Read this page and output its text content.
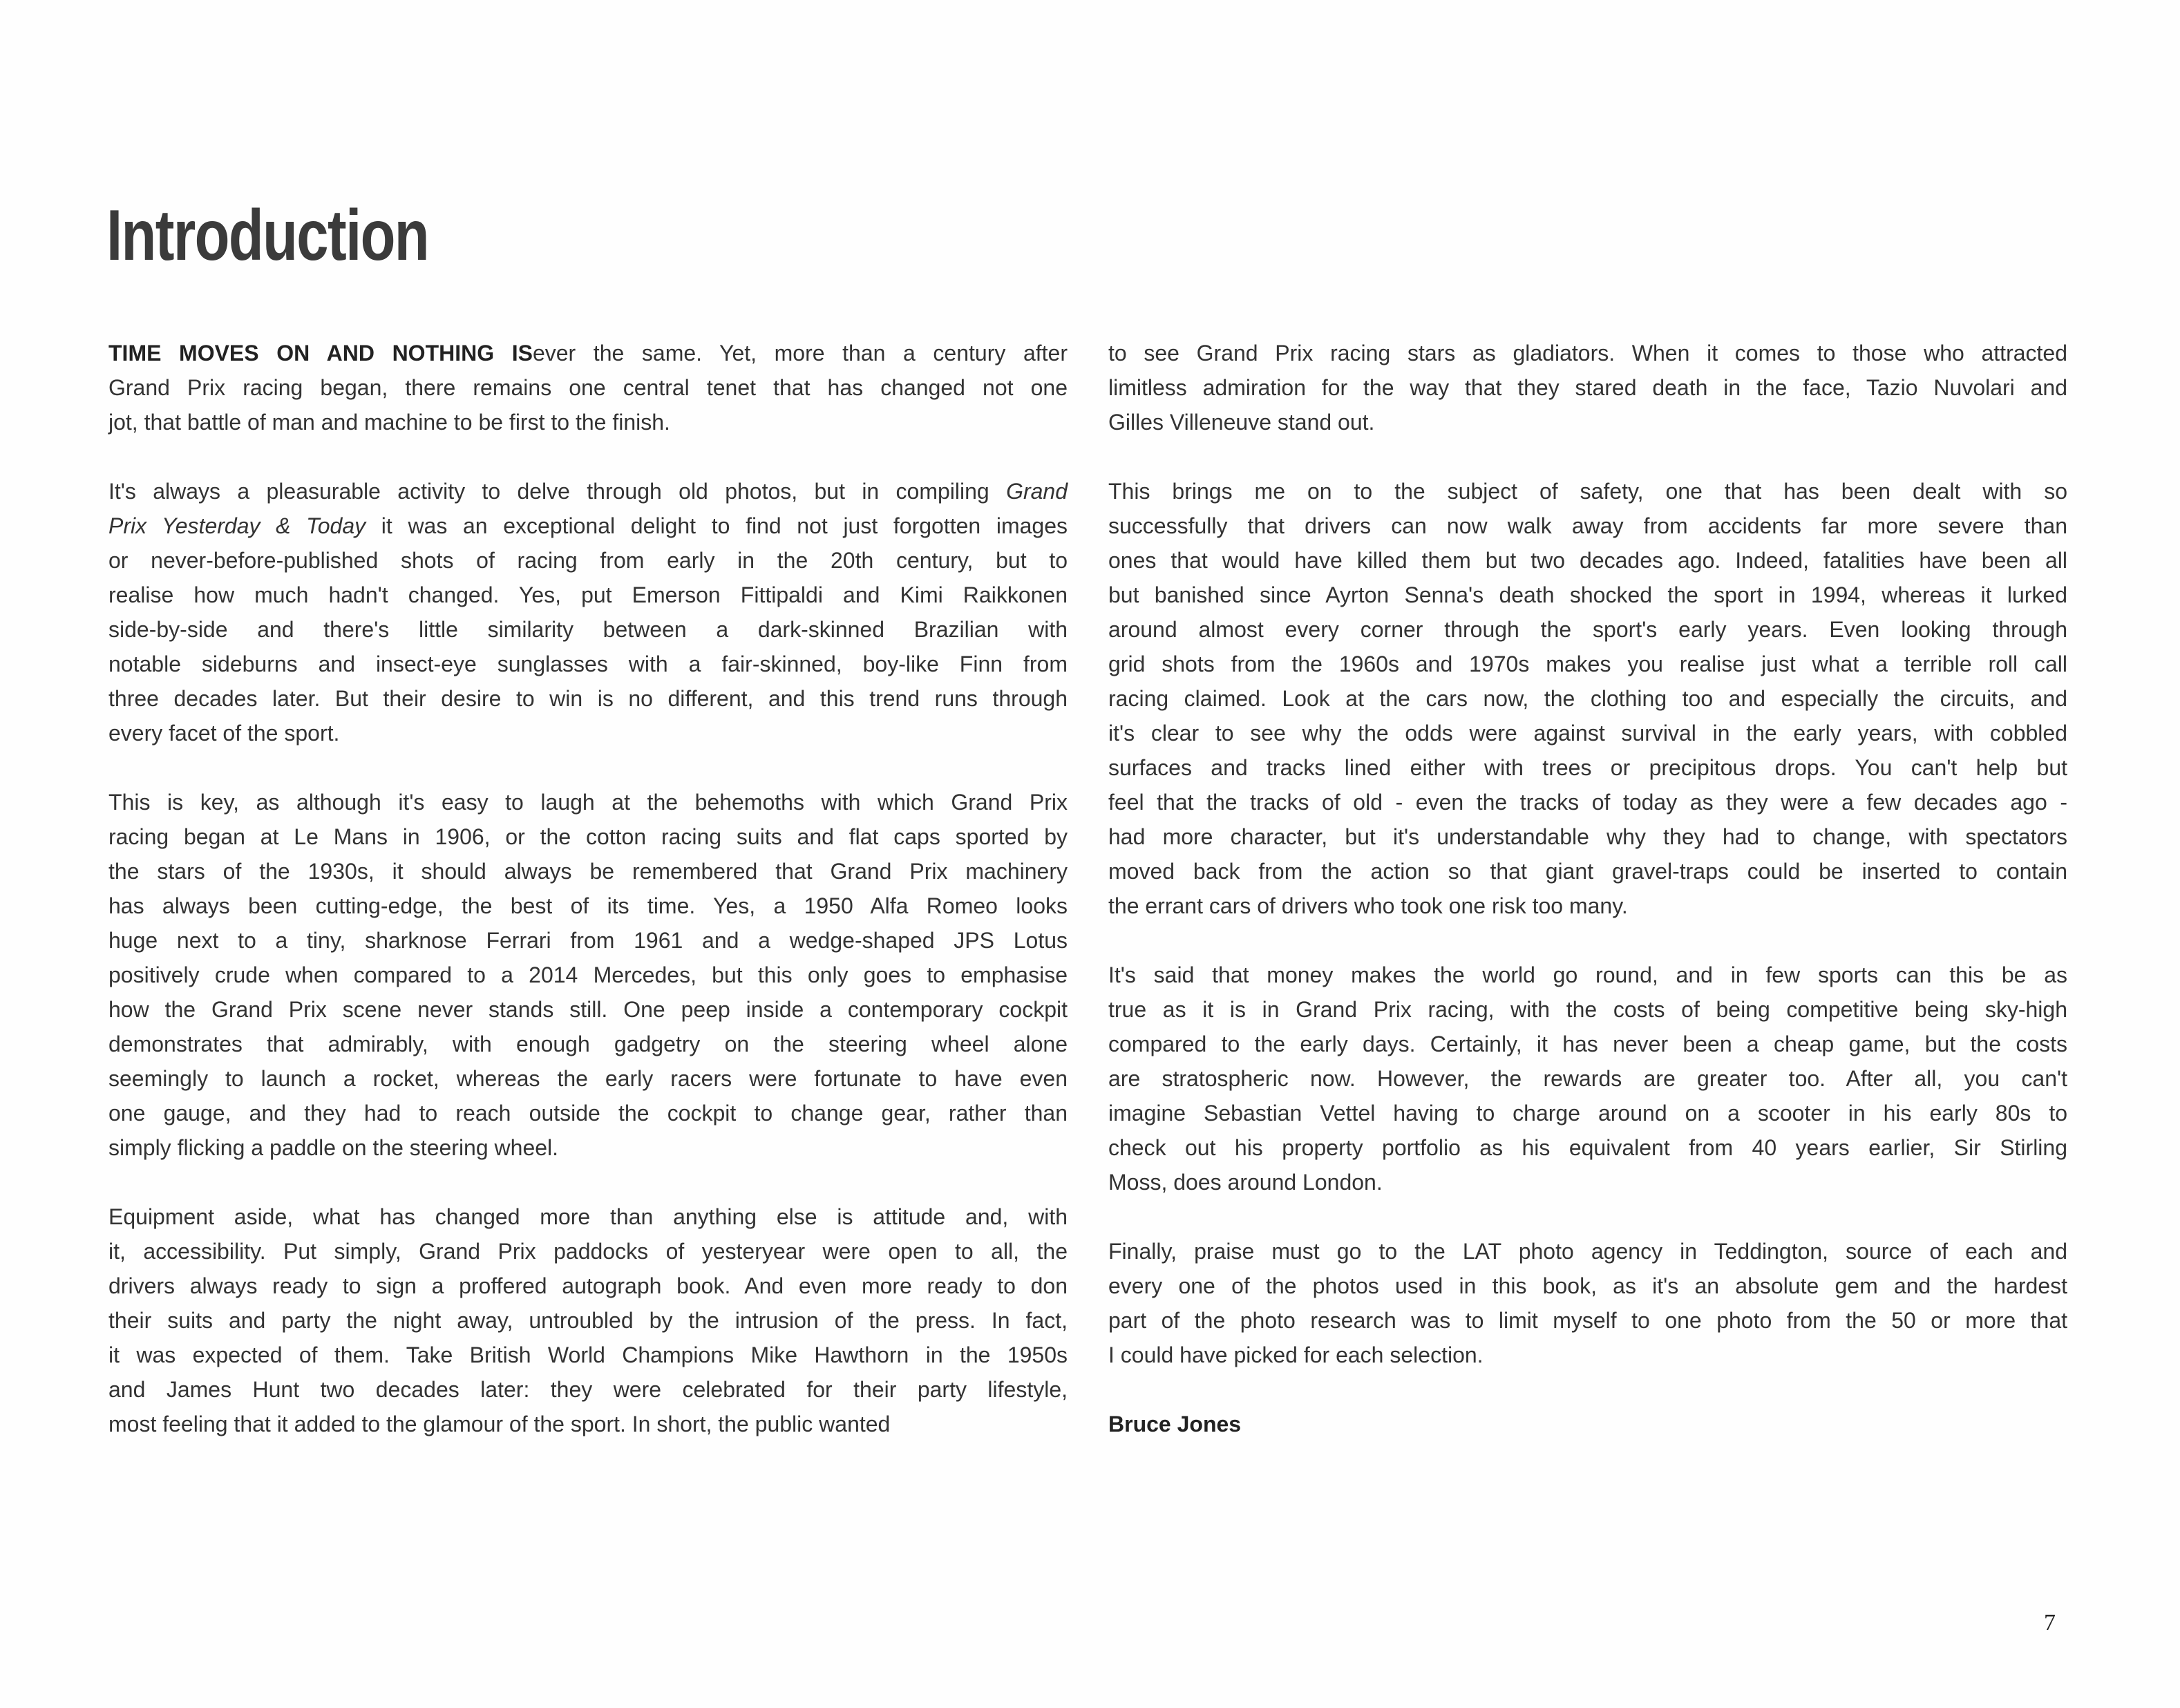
Introduction
TIME MOVES ON AND NOTHING ISever the same. Yet, more than a century after
Grand Prix racing began, there remains one central tenet that has changed not one
jot, that battle of man and machine to be first to the finish.
It's always a pleasurable activity to delve through old photos, but in compiling Grand
Prix Yesterday & Today it was an exceptional delight to find not just forgotten images
or never-before-published shots of racing from early in the 20th century, but to
realise how much hadn't changed. Yes, put Emerson Fittipaldi and Kimi Raikkonen
side-by-side and there's little similarity between a dark-skinned Brazilian with
notable sideburns and insect-eye sunglasses with a fair-skinned, boy-like Finn from
three decades later. But their desire to win is no different, and this trend runs through
every facet of the sport.
This is key, as although it's easy to laugh at the behemoths with which Grand Prix
racing began at Le Mans in 1906, or the cotton racing suits and flat caps sported by
the stars of the 1930s, it should always be remembered that Grand Prix machinery
has always been cutting-edge, the best of its time. Yes, a 1950 Alfa Romeo looks
huge next to a tiny, sharknose Ferrari from 1961 and a wedge-shaped JPS Lotus
positively crude when compared to a 2014 Mercedes, but this only goes to emphasise
how the Grand Prix scene never stands still. One peep inside a contemporary cockpit
demonstrates that admirably, with enough gadgetry on the steering wheel alone
seemingly to launch a rocket, whereas the early racers were fortunate to have even
one gauge, and they had to reach outside the cockpit to change gear, rather than
simply flicking a paddle on the steering wheel.
Equipment aside, what has changed more than anything else is attitude and, with
it, accessibility. Put simply, Grand Prix paddocks of yesteryear were open to all, the
drivers always ready to sign a proffered autograph book. And even more ready to don
their suits and party the night away, untroubled by the intrusion of the press. In fact,
it was expected of them. Take British World Champions Mike Hawthorn in the 1950s
and James Hunt two decades later: they were celebrated for their party lifestyle,
most feeling that it added to the glamour of the sport. In short, the public wanted
to see Grand Prix racing stars as gladiators. When it comes to those who attracted
limitless admiration for the way that they stared death in the face, Tazio Nuvolari and
Gilles Villeneuve stand out.
This brings me on to the subject of safety, one that has been dealt with so
successfully that drivers can now walk away from accidents far more severe than
ones that would have killed them but two decades ago. Indeed, fatalities have been all
but banished since Ayrton Senna's death shocked the sport in 1994, whereas it lurked
around almost every corner through the sport's early years. Even looking through
grid shots from the 1960s and 1970s makes you realise just what a terrible roll call
racing claimed. Look at the cars now, the clothing too and especially the circuits, and
it's clear to see why the odds were against survival in the early years, with cobbled
surfaces and tracks lined either with trees or precipitous drops. You can't help but
feel that the tracks of old - even the tracks of today as they were a few decades ago -
had more character, but it's understandable why they had to change, with spectators
moved back from the action so that giant gravel-traps could be inserted to contain
the errant cars of drivers who took one risk too many.
It's said that money makes the world go round, and in few sports can this be as
true as it is in Grand Prix racing, with the costs of being competitive being sky-high
compared to the early days. Certainly, it has never been a cheap game, but the costs
are stratospheric now. However, the rewards are greater too. After all, you can't
imagine Sebastian Vettel having to charge around on a scooter in his early 80s to
check out his property portfolio as his equivalent from 40 years earlier, Sir Stirling
Moss, does around London.
Finally, praise must go to the LAT photo agency in Teddington, source of each and
every one of the photos used in this book, as it's an absolute gem and the hardest
part of the photo research was to limit myself to one photo from the 50 or more that
I could have picked for each selection.
Bruce Jones
7
